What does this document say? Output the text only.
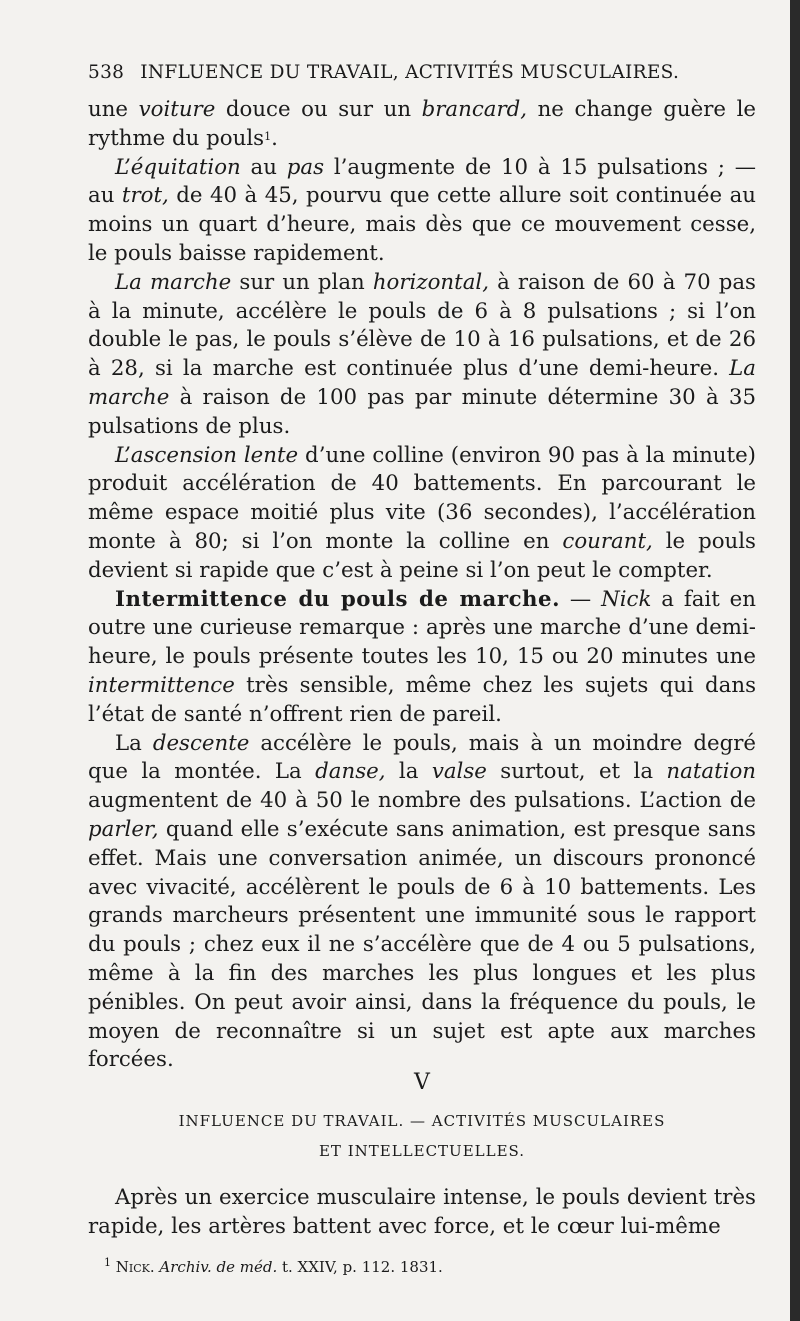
538 INFLUENCE DU TRAVAIL, ACTIVITÉS MUSCULAIRES.

une voiture douce ou sur un brancard, ne change guère le rythme du pouls$^1$.

L’équitation au pas l’augmente de 10 à 15 pulsations ; — au trot, de 40 à 45, pourvu que cette allure soit continuée au moins un quart d’heure, mais dès que ce mouvement cesse, le pouls baisse rapidement.

La marche sur un plan horizontal, à raison de 60 à 70 pas à la minute, accélère le pouls de 6 à 8 pulsations ; si l’on double le pas, le pouls s’élève de 10 à 16 pulsations, et de 26 à 28, si la marche est continuée plus d’une demi-heure. La marche à raison de 100 pas par minute détermine 30 à 35 pulsations de plus.

L’ascension lente d’une colline (environ 90 pas à la minute) produit accélération de 40 battements. En parcourant le même espace moitié plus vite (36 secondes), l’accélération monte à 80; si l’on monte la colline en courant, le pouls devient si rapide que c’est à peine si l’on peut le compter.

Intermittence du pouls de marche. — Nick a fait en outre une curieuse remarque : après une marche d’une demi-heure, le pouls présente toutes les 10, 15 ou 20 minutes une intermittence très sensible, même chez les sujets qui dans l’état de santé n’offrent rien de pareil.

La descente accélère le pouls, mais à un moindre degré que la montée. La danse, la valse surtout, et la natation augmentent de 40 à 50 le nombre des pulsations. L’action de parler, quand elle s’exécute sans animation, est presque sans effet. Mais une conversation animée, un discours prononcé avec vivacité, accélèrent le pouls de 6 à 10 battements. Les grands marcheurs présentent une immunité sous le rapport du pouls ; chez eux il ne s’accélère que de 4 ou 5 pulsations, même à la fin des marches les plus longues et les plus pénibles. On peut avoir ainsi, dans la fréquence du pouls, le moyen de reconnaître si un sujet est apte aux marches forcées.

V
INFLUENCE DU TRAVAIL. — ACTIVITÉS MUSCULAIRES
ET INTELLECTUELLES.
Après un exercice musculaire intense, le pouls devient très rapide, les artères battent avec force, et le cœur lui-même
$^1$ Nick. Archiv. de méd. t. XXIV, p. 112. 1831.
